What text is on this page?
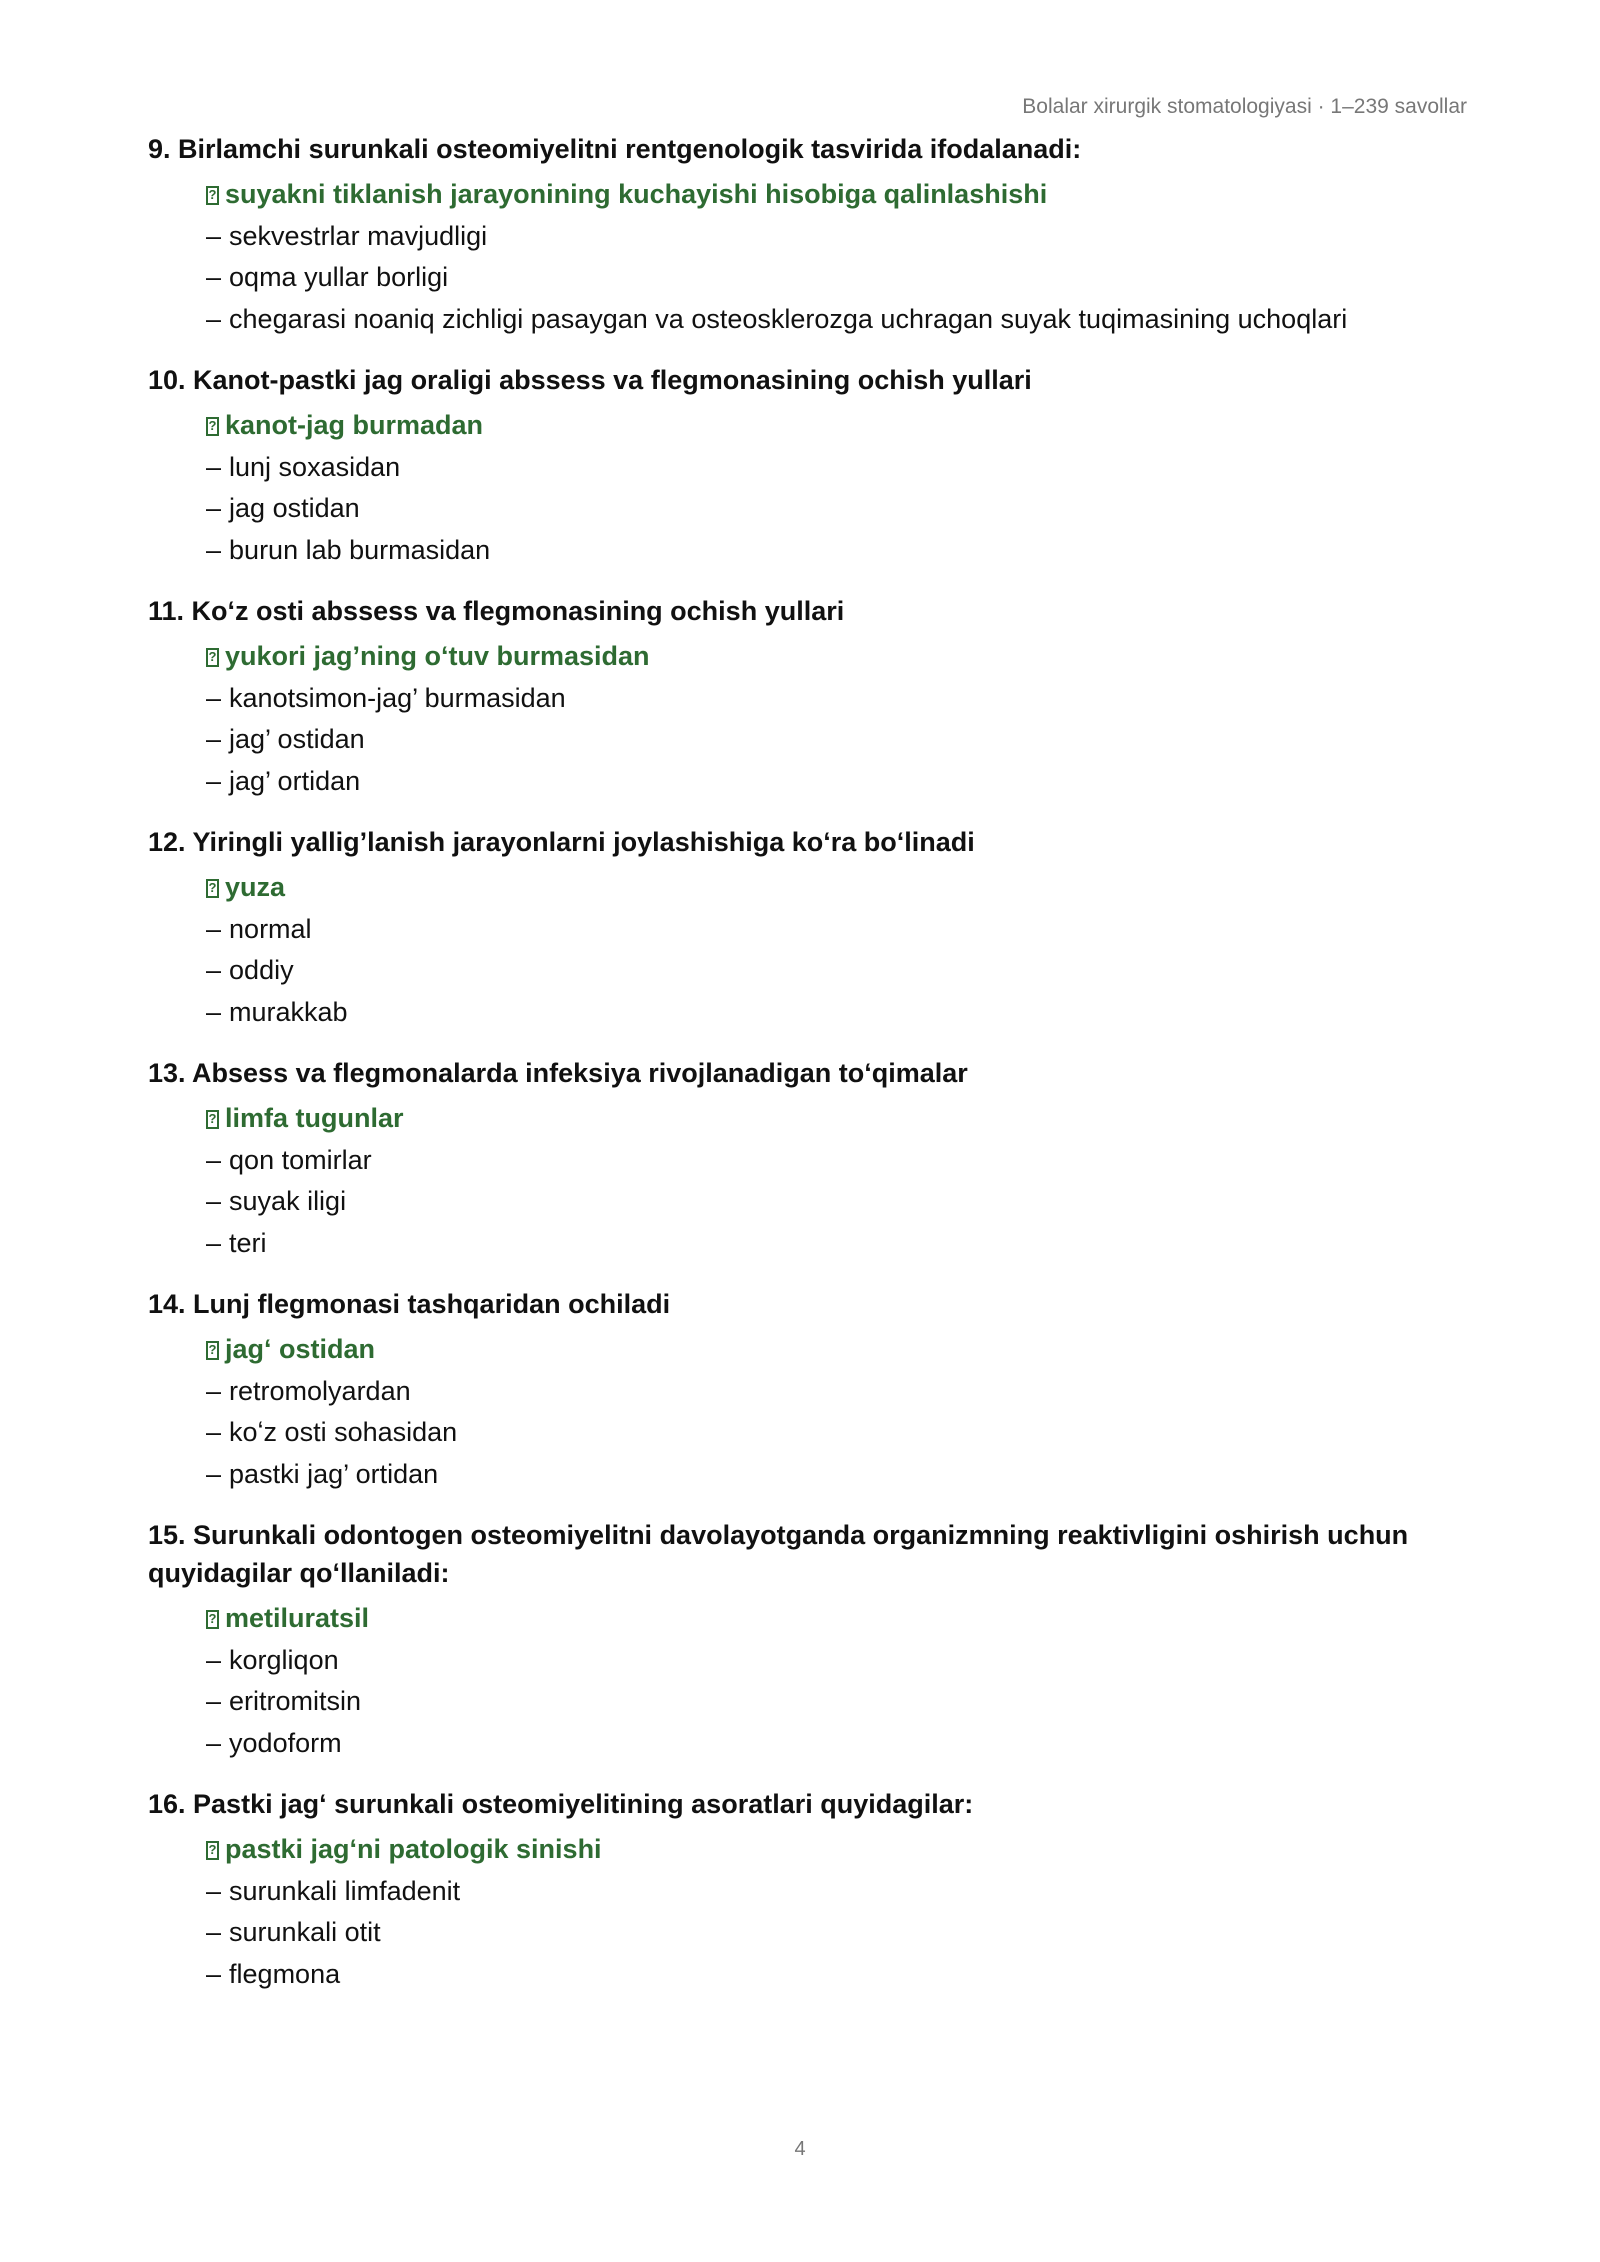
Bolalar xirurgik stomatologiyasi · 1–239 savollar
9. Birlamchi surunkali osteomiyelitni rentgenologik tasvirida ifodalanadi:
?suyakni tiklanish jarayonining kuchayishi hisobiga qalinlashishi
– sekvestrlar mavjudligi
– oqma yullar borligi
– chegarasi noaniq zichligi pasaygan va osteosklerozga uchragan suyak tuqimasining uchoqlari
10. Kanot-pastki jag oraligi abssess va flegmonasining ochish yullari
?kanot-jag burmadan
– lunj soxasidan
– jag ostidan
– burun lab burmasidan
11. Koʻz osti abssess va flegmonasining ochish yullari
?yukori jag’ning oʻtuv burmasidan
– kanotsimon-jag’ burmasidan
– jag’ ostidan
– jag’ ortidan
12. Yiringli yallig’lanish jarayonlarni joylashishiga koʻra boʻlinadi
?yuza
– normal
– oddiy
– murakkab
13. Absess va flegmonalarda infeksiya rivojlanadigan toʻqimalar
?limfa tugunlar
– qon tomirlar
– suyak iligi
– teri
14. Lunj flegmonasi tashqaridan ochiladi
?jagʻ ostidan
– retromolyardan
– koʻz osti sohasidan
– pastki jag’ ortidan
15. Surunkali odontogen osteomiyelitni davolayotganda organizmning reaktivligini oshirish uchun quyidagilar qoʻllaniladi:
?metiluratsil
– korgliqon
– eritromitsin
– yodoform
16. Pastki jagʻ surunkali osteomiyelitining asoratlari quyidagilar:
?pastki jagʻni patologik sinishi
– surunkali limfadenit
– surunkali otit
– flegmona
4
